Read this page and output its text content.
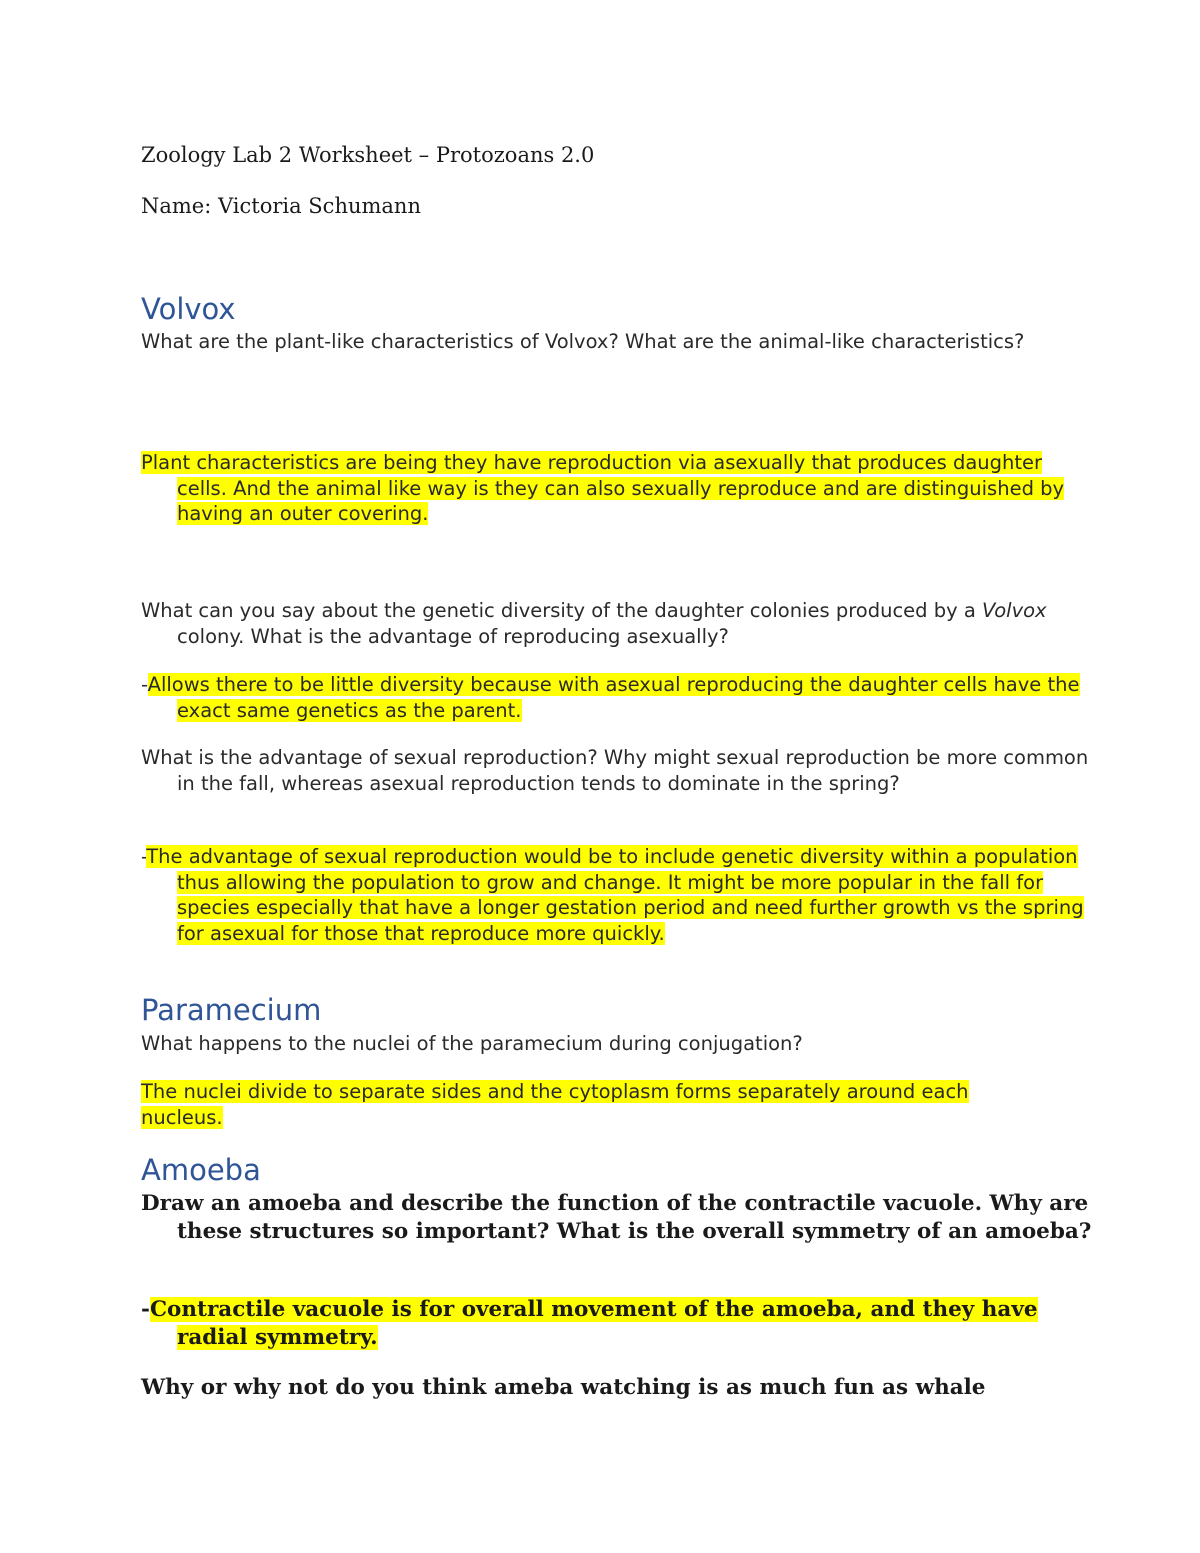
Zoology Lab 2 Worksheet – Protozoans 2.0
Name: Victoria Schumann
Volvox
What are the plant-like characteristics of Volvox? What are the animal-like characteristics?
Plant characteristics are being they have reproduction via asexually that produces daughter cells. And the animal like way is they can also sexually reproduce and are distinguished by having an outer covering.
What can you say about the genetic diversity of the daughter colonies produced by a Volvox colony. What is the advantage of reproducing asexually?
-Allows there to be little diversity because with asexual reproducing the daughter cells have the exact same genetics as the parent.
What is the advantage of sexual reproduction? Why might sexual reproduction be more common in the fall, whereas asexual reproduction tends to dominate in the spring?
-The advantage of sexual reproduction would be to include genetic diversity within a population thus allowing the population to grow and change. It might be more popular in the fall for species especially that have a longer gestation period and need further growth vs the spring for asexual for those that reproduce more quickly.
Paramecium
What happens to the nuclei of the paramecium during conjugation?
The nuclei divide to separate sides and the cytoplasm forms separately around each nucleus.
Amoeba
Draw an amoeba and describe the function of the contractile vacuole. Why are these structures so important? What is the overall symmetry of an amoeba?
-Contractile vacuole is for overall movement of the amoeba, and they have radial symmetry.
Why or why not do you think ameba watching is as much fun as whale
